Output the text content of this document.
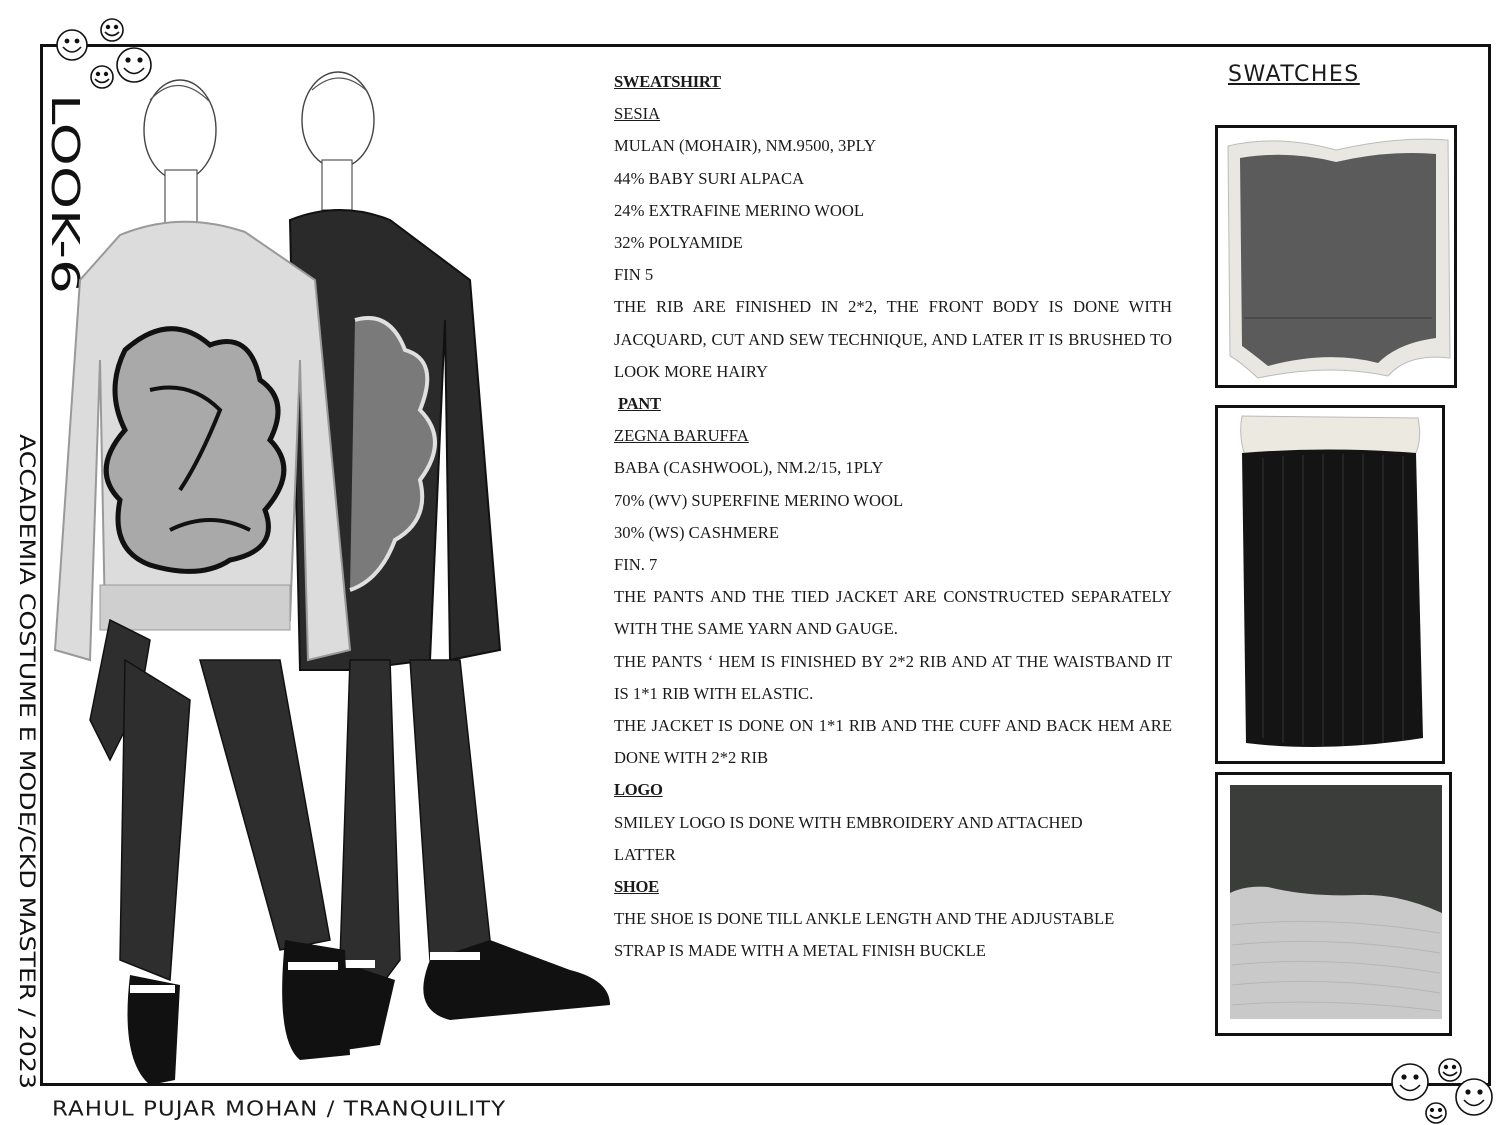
LOOK-6
ACCADEMIA COSTUME E MODE/CKD MASTER / 2023

SWEATSHIRT

SESIA

MULAN (MOHAIR), NM.9500, 3PLY

44% BABY SURI ALPACA

24% EXTRAFINE MERINO WOOL

32% POLYAMIDE

FIN 5

THE RIB ARE FINISHED IN 2*2, THE FRONT BODY IS DONE WITH JACQUARD, CUT AND SEW TECHNIQUE, AND LATER IT IS BRUSHED TO LOOK MORE HAIRY

PANT

ZEGNA BARUFFA

BABA (CASHWOOL), NM.2/15, 1PLY

70% (WV) SUPERFINE MERINO WOOL

30% (WS) CASHMERE

FIN. 7

THE PANTS AND THE TIED JACKET ARE CONSTRUCTED SEPARATELY WITH THE SAME YARN AND GAUGE.

THE PANTS ‘ HEM IS FINISHED BY 2*2 RIB AND AT THE WAISTBAND IT IS 1*1 RIB WITH ELASTIC.

THE JACKET IS DONE ON 1*1 RIB AND THE CUFF AND BACK HEM ARE DONE WITH 2*2 RIB

LOGO

SMILEY LOGO IS DONE WITH EMBROIDERY AND ATTACHED LATTER

SHOE

THE SHOE IS DONE TILL ANKLE LENGTH AND THE ADJUSTABLE STRAP IS MADE WITH A METAL FINISH BUCKLE

SWATCHES
RAHUL PUJAR MOHAN / TRANQUILITY
